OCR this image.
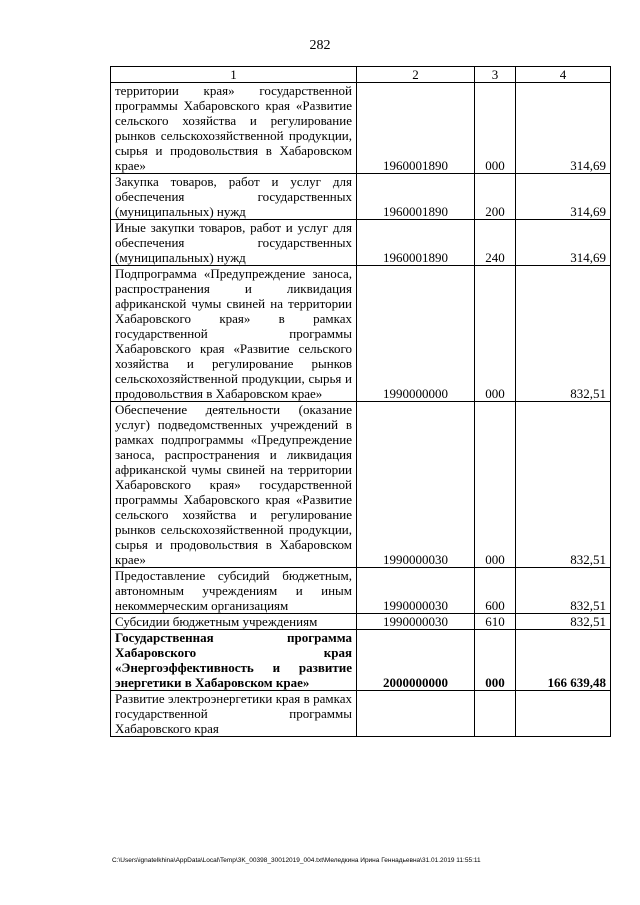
282
1	2	3	4
территории края» государственной программы Хабаровского края «Развитие сельского хозяйства и регулирование рынков сельскохозяйственной продукции, сырья и продовольствия в Хабаровском крае»	1960001890	000	314,69
Закупка товаров, работ и услуг для обеспечения государственных (муниципальных) нужд	1960001890	200	314,69
Иные закупки товаров, работ и услуг для обеспечения государственных (муниципальных) нужд	1960001890	240	314,69
Подпрограмма «Предупреждение заноса, распространения и ликвидация африканской чумы свиней на территории Хабаровского края» в рамках государственной программы Хабаровского края «Развитие сельского хозяйства и регулирование рынков сельскохозяйственной продукции, сырья и продовольствия в Хабаровском крае»	1990000000	000	832,51
Обеспечение деятельности (оказание услуг) подведомственных учреждений в рамках подпрограммы «Предупреждение заноса, распространения и ликвидация африканской чумы свиней на территории Хабаровского края» государственной программы Хабаровского края «Развитие сельского хозяйства и регулирование рынков сельскохозяйственной продукции, сырья и продовольствия в Хабаровском крае»	1990000030	000	832,51
Предоставление субсидий бюджетным, автономным учреждениям и иным некоммерческим организациям	1990000030	600	832,51
Субсидии бюджетным учреждениям	1990000030	610	832,51
Государственная программа Хабаровского края «Энергоэффективность и развитие энергетики в Хабаровском крае»	2000000000	000	166 639,48
Развитие электроэнергетики края в рамках государственной программы Хабаровского края			
C:\Users\ignatelkhina\AppData\Local\Temp\3K_00398_30012019_004.txt\Меледкина Ирина Геннадьевна\31.01.2019 11:55:11
